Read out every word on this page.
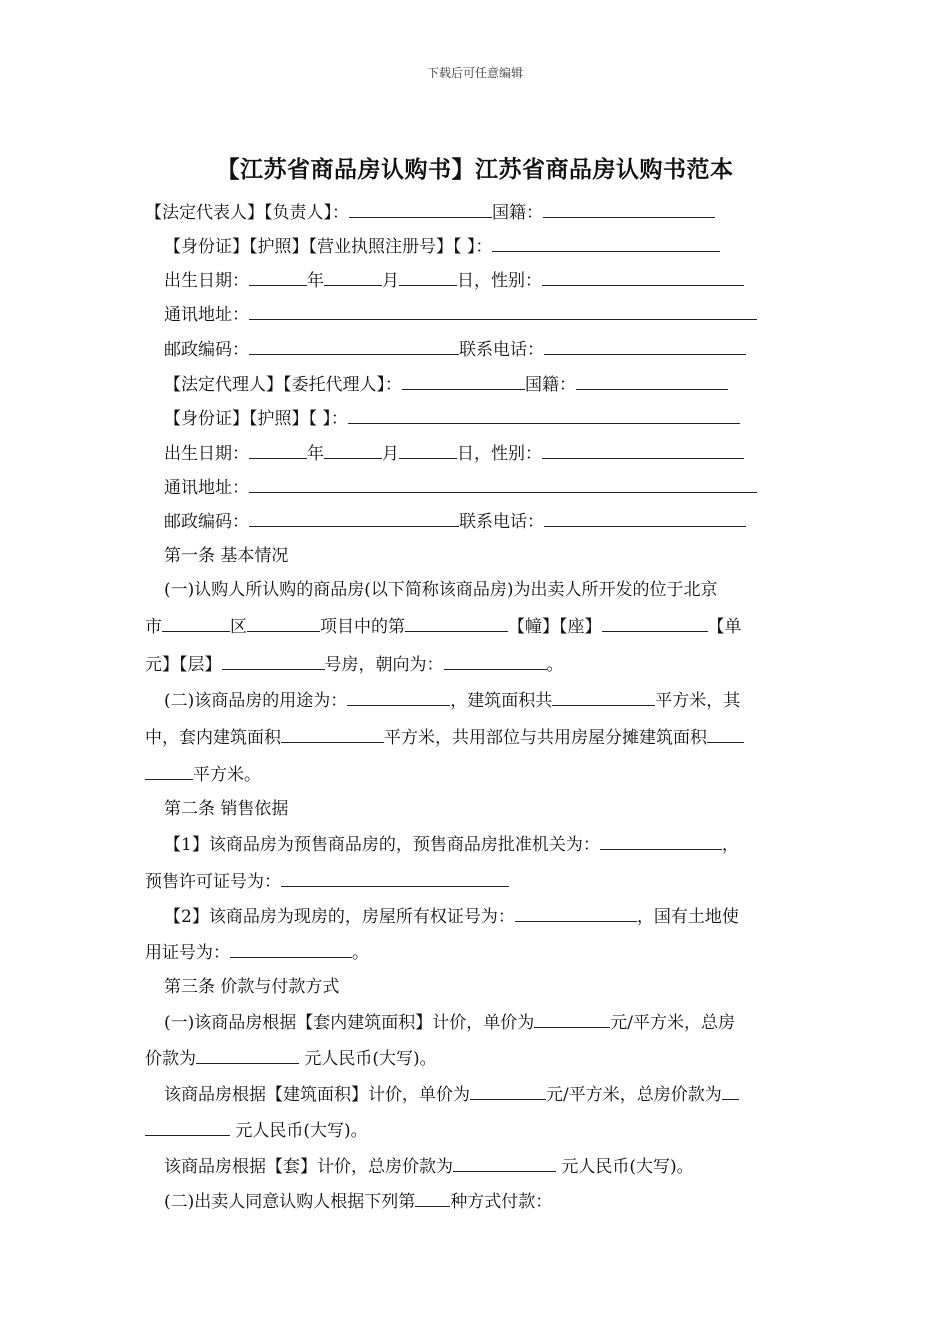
下载后可任意编辑
【江苏省商品房认购书】江苏省商品房认购书范本
【法定代表人】【负责人】：	国籍：
【身份证】【护照】【营业执照注册号】【 】：
出生日期：	年	月	日，性别：
通讯地址：
邮政编码：	联系电话：
【法定代理人】【委托代理人】：	国籍：
【身份证】【护照】【 】：
出生日期：	年	月	日，性别：
通讯地址：
邮政编码：	联系电话：
第一条 基本情况
(一)认购人所认购的商品房(以下简称该商品房)为出卖人所开发的位于北京
市	区	项目中的第	【幢】【座】	【单
元】【层】	号房，朝向为：	。
(二)该商品房的用途为：	，建筑面积共	平方米，其
中，套内建筑面积	平方米，共用部位与共用房屋分摊建筑面积
平方米。
第二条 销售依据
【1】该商品房为预售商品房的，预售商品房批准机关为：	，
预售许可证号为：
【2】该商品房为现房的，房屋所有权证号为：	，国有土地使
用证号为：	。
第三条 价款与付款方式
(一)该商品房根据【套内建筑面积】计价，单价为	元/平方米，总房
价款为	元人民币(大写)。
该商品房根据【建筑面积】计价，单价为	元/平方米，总房价款为
元人民币(大写)。
该商品房根据【套】计价，总房价款为	元人民币(大写)。
(二)出卖人同意认购人根据下列第 种方式付款：
